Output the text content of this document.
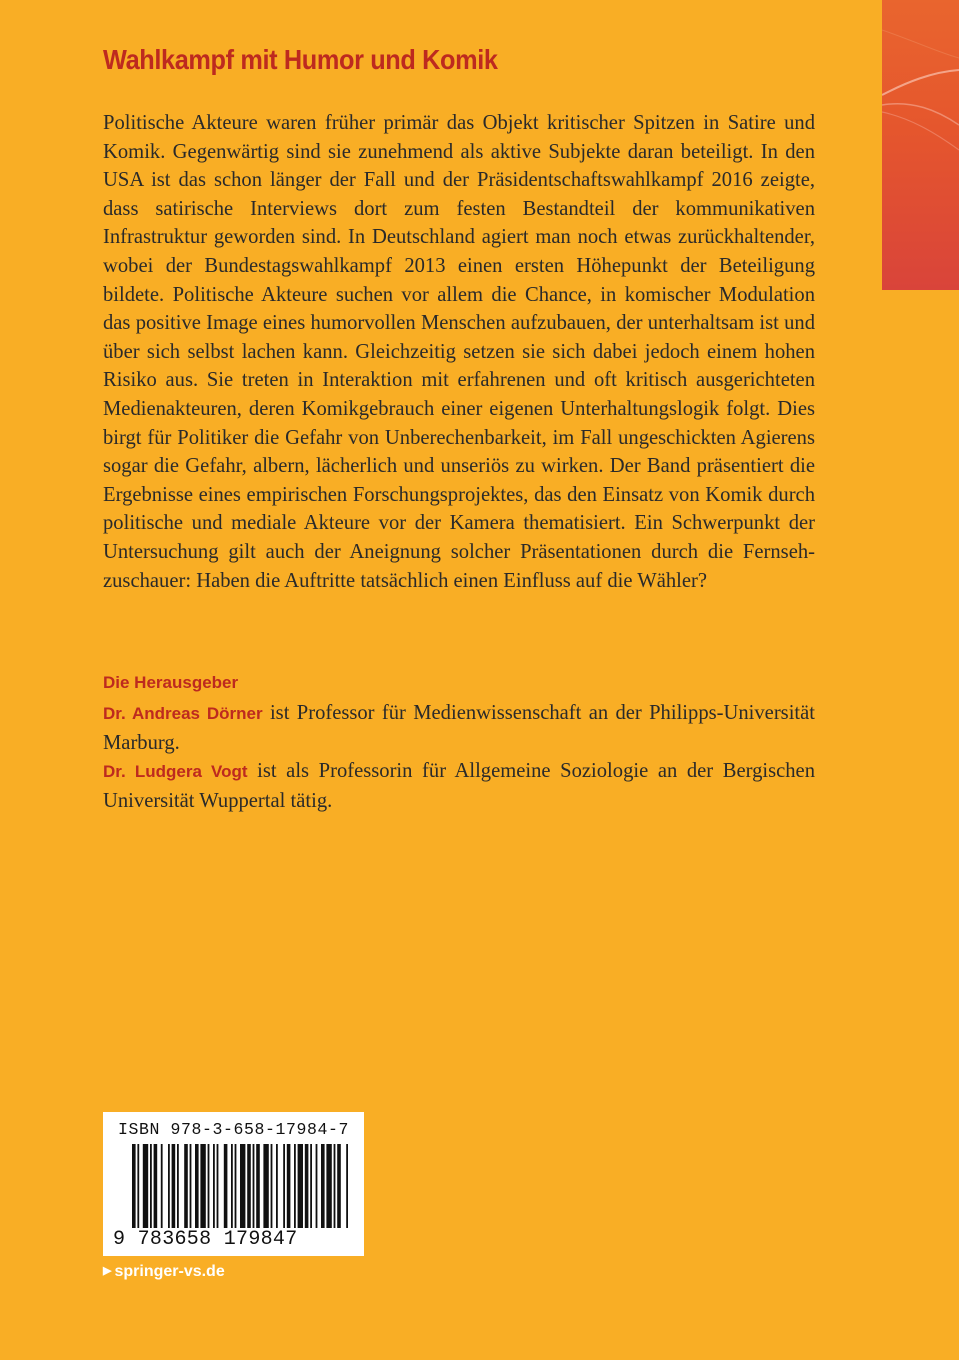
Wahlkampf mit Humor und Komik

Politische Akteure waren früher primär das Objekt kritischer Spitzen in Satire und Komik. Gegenwärtig sind sie zunehmend als aktive Subjekte daran beteiligt. In den USA ist das schon länger der Fall und der Präsidentschaftswahlkampf 2016 zeigte, dass satirische Interviews dort zum festen Bestandteil der kommunikativen Infrastruktur geworden sind. In Deutschland agiert man noch etwas zurückhaltender, wobei der Bundestagswahlkampf 2013 einen ersten Höhepunkt der Beteiligung bildete. Politische Akteure suchen vor allem die Chance, in komischer Modulation das positive Image eines humorvollen Menschen aufzubauen, der unterhaltsam ist und über sich selbst lachen kann. Gleichzeitig setzen sie sich dabei jedoch einem hohen Risiko aus. Sie treten in Interaktion mit erfahrenen und oft kritisch ausgerichteten Medienakteuren, deren Komikgebrauch einer eigenen Unterhaltungslogik folgt. Dies birgt für Politiker die Gefahr von Unberechenbarkeit, im Fall ungeschickten Agierens sogar die Gefahr, albern, lächerlich und unseriös zu wirken. Der Band präsentiert die Ergebnisse eines empirischen Forschungsprojektes, das den Einsatz von Komik durch politische und mediale Akteure vor der Kamera thematisiert. Ein Schwerpunkt der Untersuchung gilt auch der Aneignung solcher Präsentationen durch die Fernsehzuschauer: Haben die Auftritte tatsächlich einen Einfluss auf die Wähler?

Die Herausgeber
Dr. Andreas Dörner ist Professor für Medienwissenschaft an der Philipps-Universität Marburg.
Dr. Ludgera Vogt ist als Professorin für Allgemeine Soziologie an der Bergischen Universität Wuppertal tätig.
ISBN 978-3-658-17984-7
9 783658 179847
▶ springer-vs.de
